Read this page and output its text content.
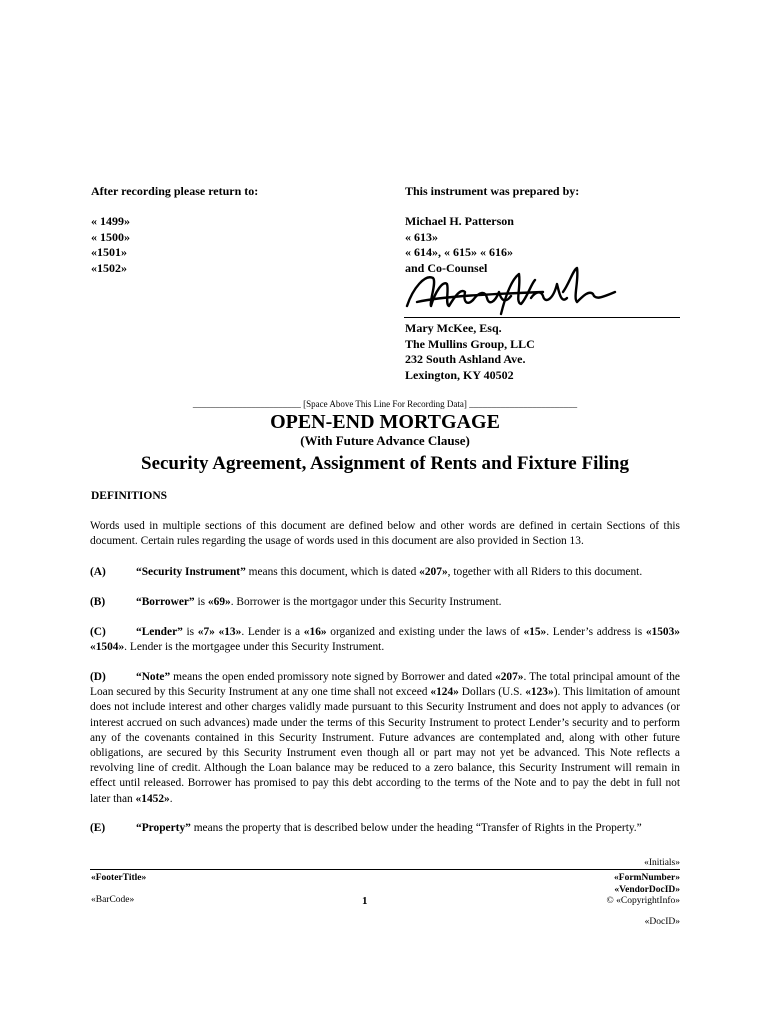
After recording please return to:
« 1499»
« 1500»
«1501»
«1502»
This instrument was prepared by:
Michael H. Patterson
« 613»
« 614», « 615» « 616»
and Co-Counsel
Mary McKee, Esq.
The Mullins Group, LLC
232 South Ashland Ave.
Lexington, KY 40502
________________________ [Space Above This Line For Recording Data] ________________________
OPEN-END MORTGAGE
(With Future Advance Clause)
Security Agreement, Assignment of Rents and Fixture Filing
DEFINITIONS
Words used in multiple sections of this document are defined below and other words are defined in certain Sections of this document. Certain rules regarding the usage of words used in this document are also provided in Section 13.
(A)	“Security Instrument” means this document, which is dated «207», together with all Riders to this document.
(B)	“Borrower” is «69». Borrower is the mortgagor under this Security Instrument.
(C)	“Lender” is «7» «13». Lender is a «16» organized and existing under the laws of «15». Lender’s address is «1503» «1504». Lender is the mortgagee under this Security Instrument.
(D)	“Note” means the open ended promissory note signed by Borrower and dated «207». The total principal amount of the Loan secured by this Security Instrument at any one time shall not exceed «124» Dollars (U.S. «123»). This limitation of amount does not include interest and other charges validly made pursuant to this Security Instrument and does not apply to advances (or interest accrued on such advances) made under the terms of this Security Instrument to protect Lender’s security and to perform any of the covenants contained in this Security Instrument. Future advances are contemplated and, along with other future obligations, are secured by this Security Instrument even though all or part may not yet be advanced. This Note reflects a revolving line of credit. Although the Loan balance may be reduced to a zero balance, this Security Instrument will remain in effect until released. Borrower has promised to pay this debt according to the terms of the Note and to pay the debt in full not later than «1452».
(E)	“Property” means the property that is described below under the heading “Transfer of Rights in the Property.”
«Initials»
«FooterTitle»	«FormNumber»
«VendorDocID»
«BarCode»	1	© «CopyrightInfo»
«DocID»
